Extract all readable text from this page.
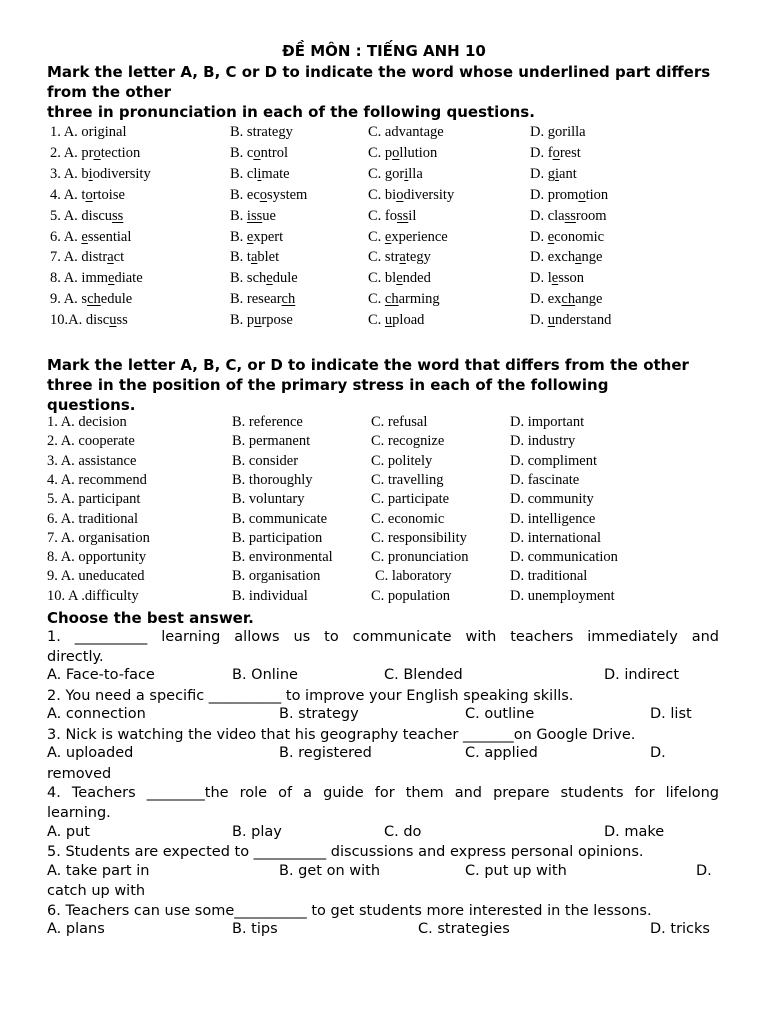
ĐỀ MÔN : TIẾNG ANH 10
Mark the letter A, B, C or D to indicate the word whose underlined part differs from the other
three in pronunciation in each of the following questions.
1. A. original	B. strategy	C. advantage	D. gorilla
2. A. protection	B. control	C. pollution	D. forest
3. A. biodiversity	B. climate	C. gorilla	D. giant
4. A. tortoise	B. ecosystem	C. biodiversity	D. promotion
5. A. discuss	B. issue	C. fossil	D. classroom
6. A. essential	B. expert	C. experience	D. economic
7. A. distract	B. tablet	C. strategy	D. exchange
8. A. immediate	B. schedule	C. blended	D. lesson
9. A. schedule	B. research	C. charming	D. exchange
10.A. discuss	B. purpose	C. upload	D. understand
Mark the letter A, B, C, or D to indicate the word that differs from the other
three in the position of the primary stress in each of the following
questions.
1. A. decision	B. reference	C. refusal	D. important
2. A. cooperate	B. permanent	C. recognize	D. industry
3. A. assistance	B. consider	C. politely	D. compliment
4. A. recommend	B. thoroughly	C. travelling	D. fascinate
5. A. participant	B. voluntary	C. participate	D. community
6. A. traditional	B. communicate	C. economic	D. intelligence
7. A. organisation	B. participation	C. responsibility	D. international
8. A. opportunity	B. environmental	C. pronunciation	D. communication
9. A. uneducated	B. organisation	C. laboratory	D. traditional
10. A .difficulty	B. individual	C. population	D. unemployment
Choose the best answer.
1. __________ learning allows us to communicate with teachers immediately and
directly.
A. Face-to-face	B. Online	C. Blended	D. indirect
2. You need a specific __________ to improve your English speaking skills.
A. connection	B. strategy	C. outline	D. list
3. Nick is watching the video that his geography teacher _______on Google Drive.
A. uploaded	B. registered	C. applied	D.
removed
4. Teachers ________the role of a guide for them and prepare students for lifelong
learning.
A. put	B. play	C. do	D. make
5. Students are expected to __________ discussions and express personal opinions.
A. take part in	B. get on with	C. put up with	D.
catch up with
6. Teachers can use some__________ to get students more interested in the lessons.
A. plans	B. tips	C. strategies	D. tricks
